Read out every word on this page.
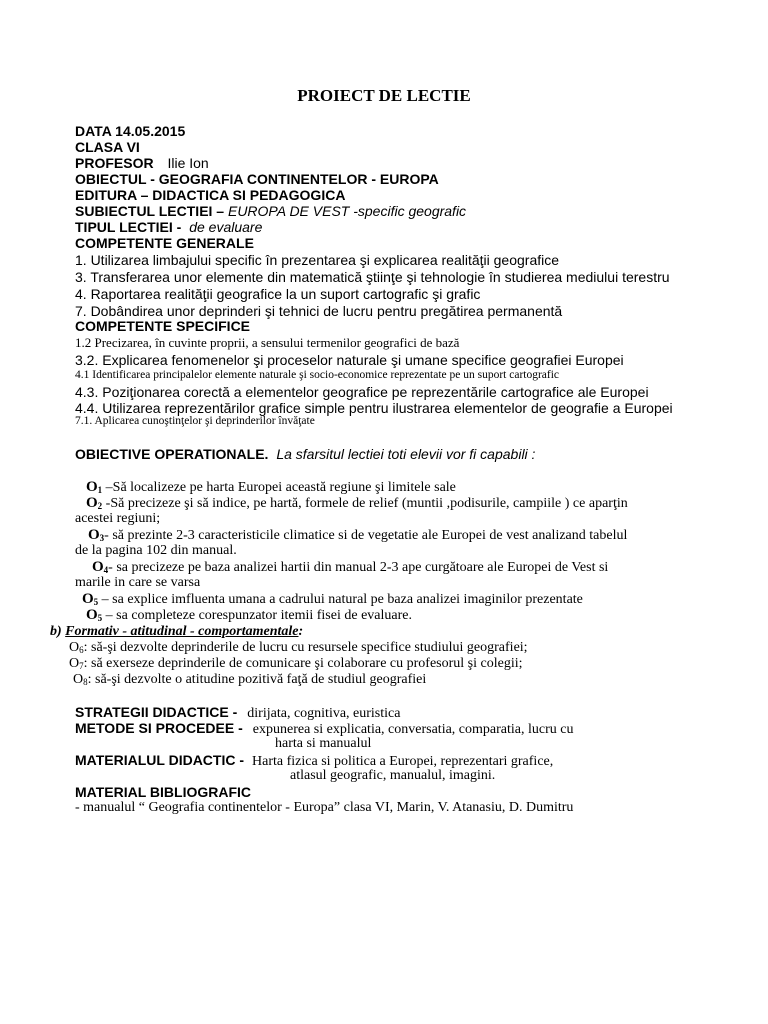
PROIECT DE LECTIE
DATA 14.05.2015
CLASA VI
PROFESOR Ilie Ion
OBIECTUL - GEOGRAFIA CONTINENTELOR - EUROPA
EDITURA – DIDACTICA SI PEDAGOGICA
SUBIECTUL LECTIEI – EUROPA DE VEST -specific geografic
TIPUL LECTIEI - de evaluare
COMPETENTE GENERALE
1. Utilizarea limbajului specific în prezentarea şi explicarea realităţii geografice
3. Transferarea unor elemente din matematică ştiinţe şi tehnologie în studierea mediului terestru
4. Raportarea realităţii geografice la un suport cartografic şi grafic
7. Dobândirea unor deprinderi şi tehnici de lucru pentru pregătirea permanentă
COMPETENTE SPECIFICE
1.2 Precizarea, în cuvinte proprii, a sensului termenilor geografici de bază
3.2. Explicarea fenomenelor şi proceselor naturale şi umane specifice geografiei Europei
4.1 Identificarea principalelor elemente naturale şi socio-economice reprezentate pe un suport cartografic
4.3. Poziţionarea corectă a elementelor geografice pe reprezentările cartografice ale Europei
4.4. Utilizarea reprezentărilor grafice simple pentru ilustrarea elementelor de geografie a Europei
7.1. Aplicarea cunoştinţelor şi deprinderilor învăţate
OBIECTIVE OPERATIONALE. La sfarsitul lectiei toti elevii vor fi capabili :
$O_1$ –Să localizeze pe harta Europei această regiune şi limitele sale
$O_2$ -Să precizeze şi să indice, pe hartă, formele de relief (muntii ,podisurile, campiile ) ce aparţin
acestei regiuni;
$O_3-$ să prezinte 2-3 caracteristicile climatice si de vegetatie ale Europei de vest analizand tabelul
de la pagina 102 din manual.
$O_4-$ sa precizeze pe baza analizei hartii din manual 2-3 ape curgătoare ale Europei de Vest si
marile in care se varsa
$O_5$ – sa explice imfluenta umana a cadrului natural pe baza analizei imaginilor prezentate
$O_5$ – sa completeze corespunzator itemii fisei de evaluare.
b) Formativ - atitudinal - comportamentale:
$O_6$: să-şi dezvolte deprinderile de lucru cu resursele specifice studiului geografiei;
$O_7$: să exerseze deprinderile de comunicare şi colaborare cu profesorul şi colegii;
$O_8$: să-şi dezvolte o atitudine pozitivă faţă de studiul geografiei
STRATEGII DIDACTICE - dirijata, cognitiva, euristica
METODE SI PROCEDEE - expunerea si explicatia, conversatia, comparatia, lucru cu
harta si manualul
MATERIALUL DIDACTIC - Harta fizica si politica a Europei, reprezentari grafice,
atlasul geografic, manualul, imagini.
MATERIAL BIBLIOGRAFIC
- manualul “ Geografia continentelor - Europa” clasa VI, Marin, V. Atanasiu, D. Dumitru
